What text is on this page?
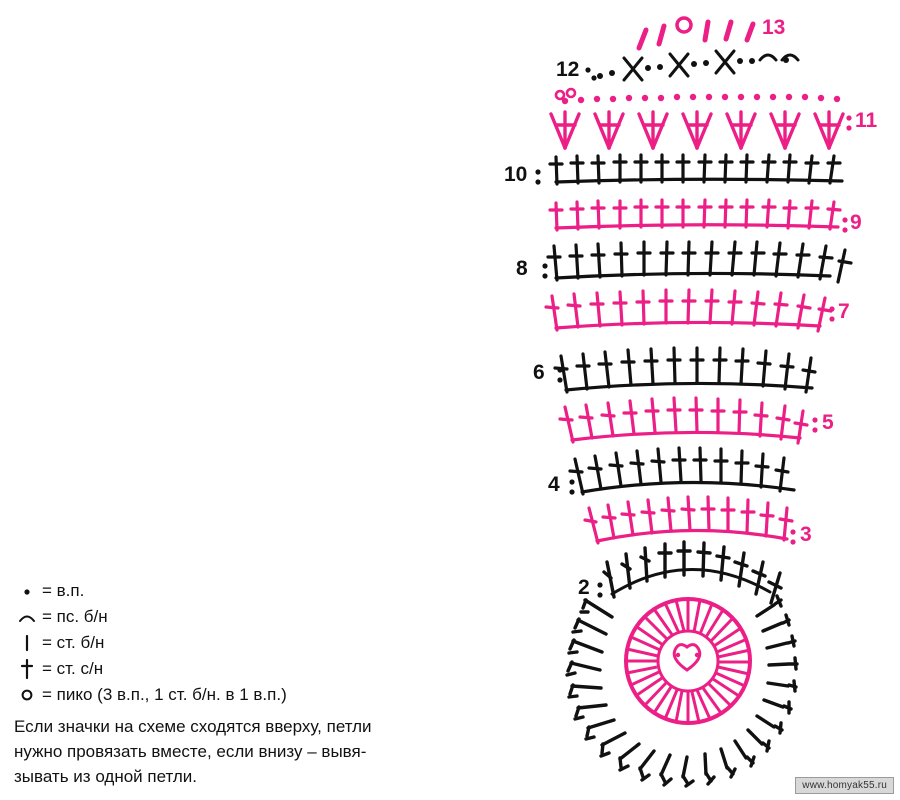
13
12
11
10
9
8
7
6
5
4
3
2
= в.п.
= пс. б/н
= ст. б/н
= ст. с/н
= пико (3 в.п., 1 ст. б/н. в 1 в.п.)
Если значки на схеме сходятся вверху, петли
нужно провязать вместе, если внизу – вывя-
зывать из одной петли.	www.homyak55.ru
